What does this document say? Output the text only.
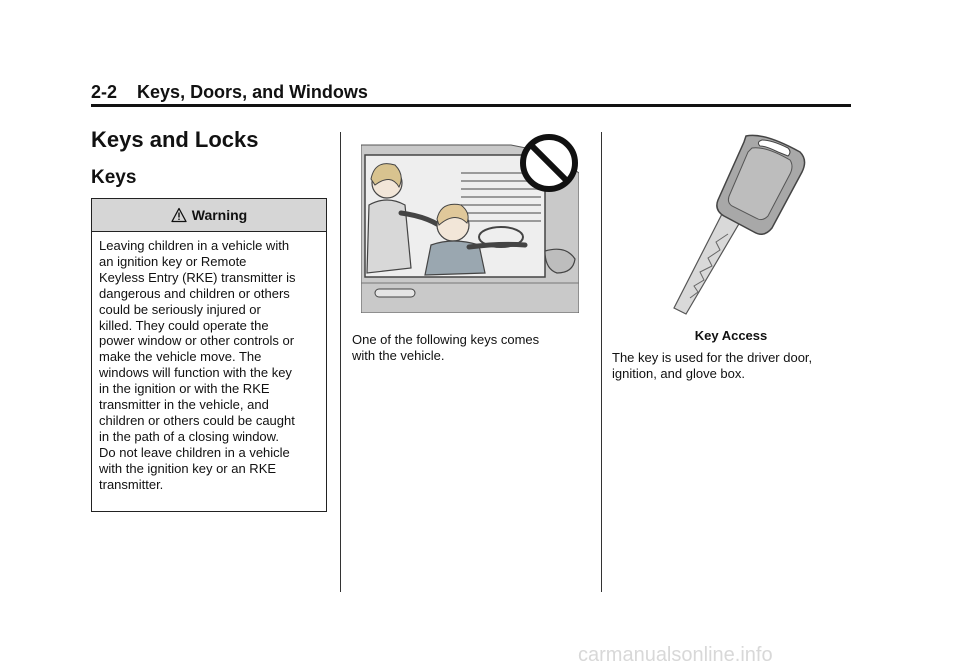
2-2 Keys, Doors, and Windows
Keys and Locks
Keys
Warning
Leaving children in a vehicle with
an ignition key or Remote
Keyless Entry (RKE) transmitter is
dangerous and children or others
could be seriously injured or
killed. They could operate the
power window or other controls or
make the vehicle move. The
windows will function with the key
in the ignition or with the RKE
transmitter in the vehicle, and
children or others could be caught
in the path of a closing window.
Do not leave children in a vehicle
with the ignition key or an RKE
transmitter.
One of the following keys comes
with the vehicle.
Key Access
The key is used for the driver door,
ignition, and glove box.
carmanualsonline.info
